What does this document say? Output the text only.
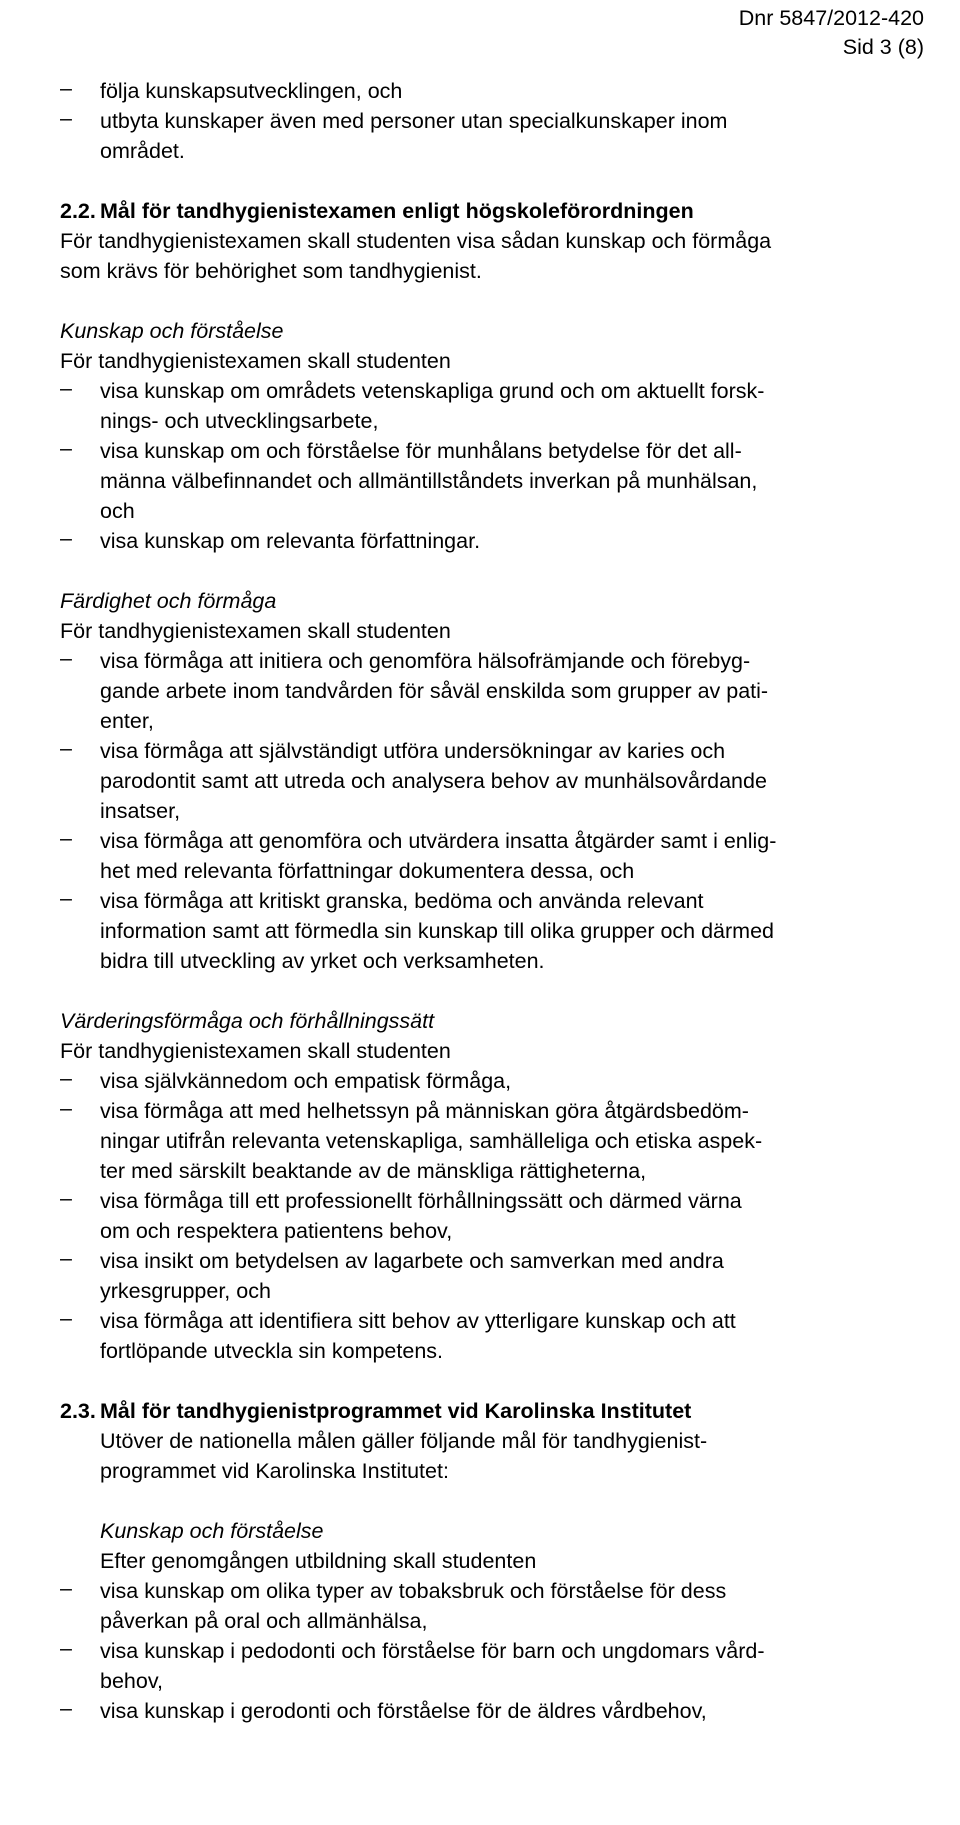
Dnr 5847/2012-420
Sid 3 (8)
– följa kunskapsutvecklingen, och
– utbyta kunskaper även med personer utan specialkunskaper inom
området.
2.2. Mål för tandhygienistexamen enligt högskoleförordningen
För tandhygienistexamen skall studenten visa sådan kunskap och förmåga
som krävs för behörighet som tandhygienist.
Kunskap och förståelse
För tandhygienistexamen skall studenten
– visa kunskap om områdets vetenskapliga grund och om aktuellt forsk-
nings- och utvecklingsarbete,
– visa kunskap om och förståelse för munhålans betydelse för det all-
männa välbefinnandet och allmäntillståndets inverkan på munhälsan,
och
– visa kunskap om relevanta författningar.
Färdighet och förmåga
För tandhygienistexamen skall studenten
– visa förmåga att initiera och genomföra hälsofrämjande och förebyg-
gande arbete inom tandvården för såväl enskilda som grupper av pati-
enter,
– visa förmåga att självständigt utföra undersökningar av karies och
parodontit samt att utreda och analysera behov av munhälsovårdande
insatser,
– visa förmåga att genomföra och utvärdera insatta åtgärder samt i enlig-
het med relevanta författningar dokumentera dessa, och
– visa förmåga att kritiskt granska, bedöma och använda relevant
information samt att förmedla sin kunskap till olika grupper och därmed
bidra till utveckling av yrket och verksamheten.
Värderingsförmåga och förhållningssätt
För tandhygienistexamen skall studenten
– visa självkännedom och empatisk förmåga,
– visa förmåga att med helhetssyn på människan göra åtgärdsbedöm-
ningar utifrån relevanta vetenskapliga, samhälleliga och etiska aspek-
ter med särskilt beaktande av de mänskliga rättigheterna,
– visa förmåga till ett professionellt förhållningssätt och därmed värna
om och respektera patientens behov,
– visa insikt om betydelsen av lagarbete och samverkan med andra
yrkesgrupper, och
– visa förmåga att identifiera sitt behov av ytterligare kunskap och att
fortlöpande utveckla sin kompetens.
2.3. Mål för tandhygienistprogrammet vid Karolinska Institutet
Utöver de nationella målen gäller följande mål för tandhygienist-
programmet vid Karolinska Institutet:
Kunskap och förståelse
Efter genomgången utbildning skall studenten
– visa kunskap om olika typer av tobaksbruk och förståelse för dess
påverkan på oral och allmänhälsa,
– visa kunskap i pedodonti och förståelse för barn och ungdomars vård-
behov,
– visa kunskap i gerodonti och förståelse för de äldres vårdbehov,
